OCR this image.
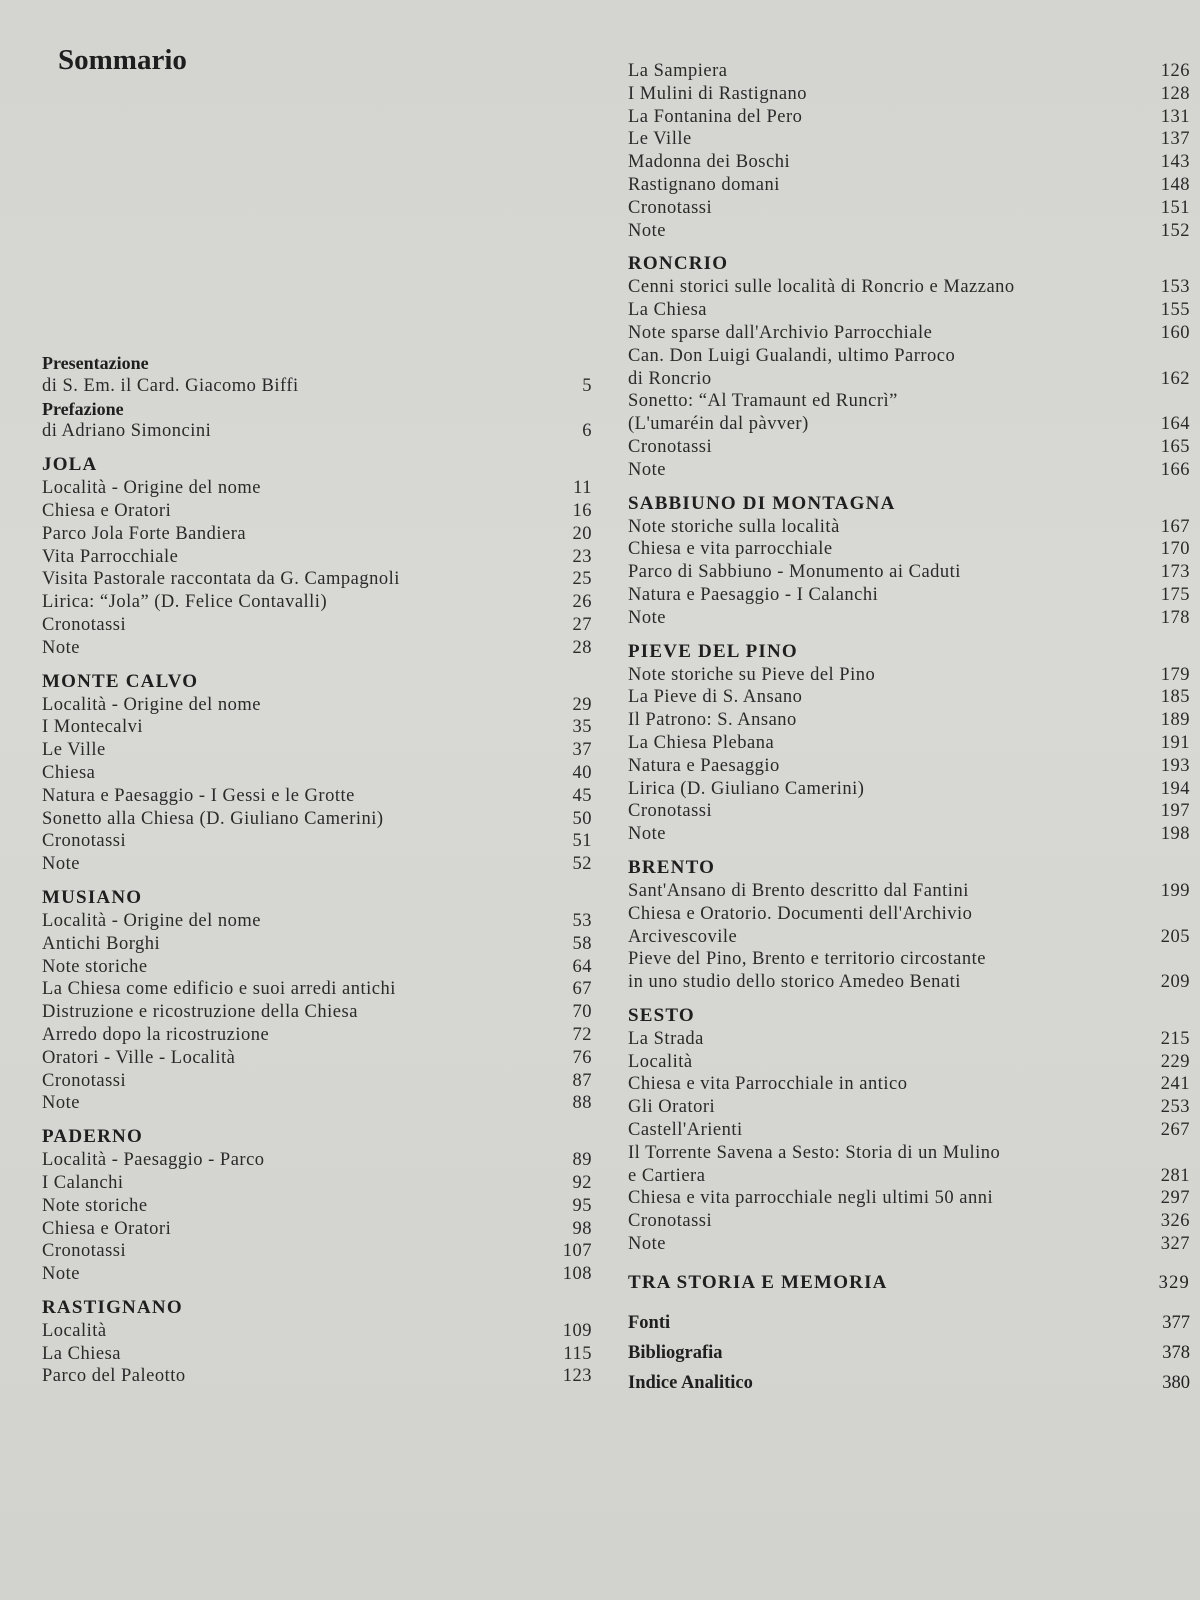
Sommario
Presentazione
di S. Em. il Card. Giacomo Biffi	5
Prefazione
di Adriano Simoncini	6
JOLA
Località - Origine del nome	11
Chiesa e Oratori	16
Parco Jola Forte Bandiera	20
Vita Parrocchiale	23
Visita Pastorale raccontata da G. Campagnoli	25
Lirica: “Jola” (D. Felice Contavalli)	26
Cronotassi	27
Note	28
MONTE CALVO
Località - Origine del nome	29
I Montecalvi	35
Le Ville	37
Chiesa	40
Natura e Paesaggio - I Gessi e le Grotte	45
Sonetto alla Chiesa (D. Giuliano Camerini)	50
Cronotassi	51
Note	52
MUSIANO
Località - Origine del nome	53
Antichi Borghi	58
Note storiche	64
La Chiesa come edificio e suoi arredi antichi	67
Distruzione e ricostruzione della Chiesa	70
Arredo dopo la ricostruzione	72
Oratori - Ville - Località	76
Cronotassi	87
Note	88
PADERNO
Località - Paesaggio - Parco	89
I Calanchi	92
Note storiche	95
Chiesa e Oratori	98
Cronotassi	107
Note	108
RASTIGNANO
Località	109
La Chiesa	115
Parco del Paleotto	123
La Sampiera	126
I Mulini di Rastignano	128
La Fontanina del Pero	131
Le Ville	137
Madonna dei Boschi	143
Rastignano domani	148
Cronotassi	151
Note	152
RONCRIO
Cenni storici sulle località di Roncrio e Mazzano	153
La Chiesa	155
Note sparse dall'Archivio Parrocchiale	160
Can. Don Luigi Gualandi, ultimo Parroco
di Roncrio	162
Sonetto: “Al Tramaunt ed Runcrì”
(L'umaréin dal pàvver)	164
Cronotassi	165
Note	166
SABBIUNO DI MONTAGNA
Note storiche sulla località	167
Chiesa e vita parrocchiale	170
Parco di Sabbiuno - Monumento ai Caduti	173
Natura e Paesaggio - I Calanchi	175
Note	178
PIEVE DEL PINO
Note storiche su Pieve del Pino	179
La Pieve di S. Ansano	185
Il Patrono: S. Ansano	189
La Chiesa Plebana	191
Natura e Paesaggio	193
Lirica (D. Giuliano Camerini)	194
Cronotassi	197
Note	198
BRENTO
Sant'Ansano di Brento descritto dal Fantini	199
Chiesa e Oratorio. Documenti dell'Archivio
Arcivescovile	205
Pieve del Pino, Brento e territorio circostante
in uno studio dello storico Amedeo Benati	209
SESTO
La Strada	215
Località	229
Chiesa e vita Parrocchiale in antico	241
Gli Oratori	253
Castell'Arienti	267
Il Torrente Savena a Sesto: Storia di un Mulino
e Cartiera	281
Chiesa e vita parrocchiale negli ultimi 50 anni	297
Cronotassi	326
Note	327
TRA STORIA E MEMORIA	329
Fonti	377
Bibliografia	378
Indice Analitico	380
